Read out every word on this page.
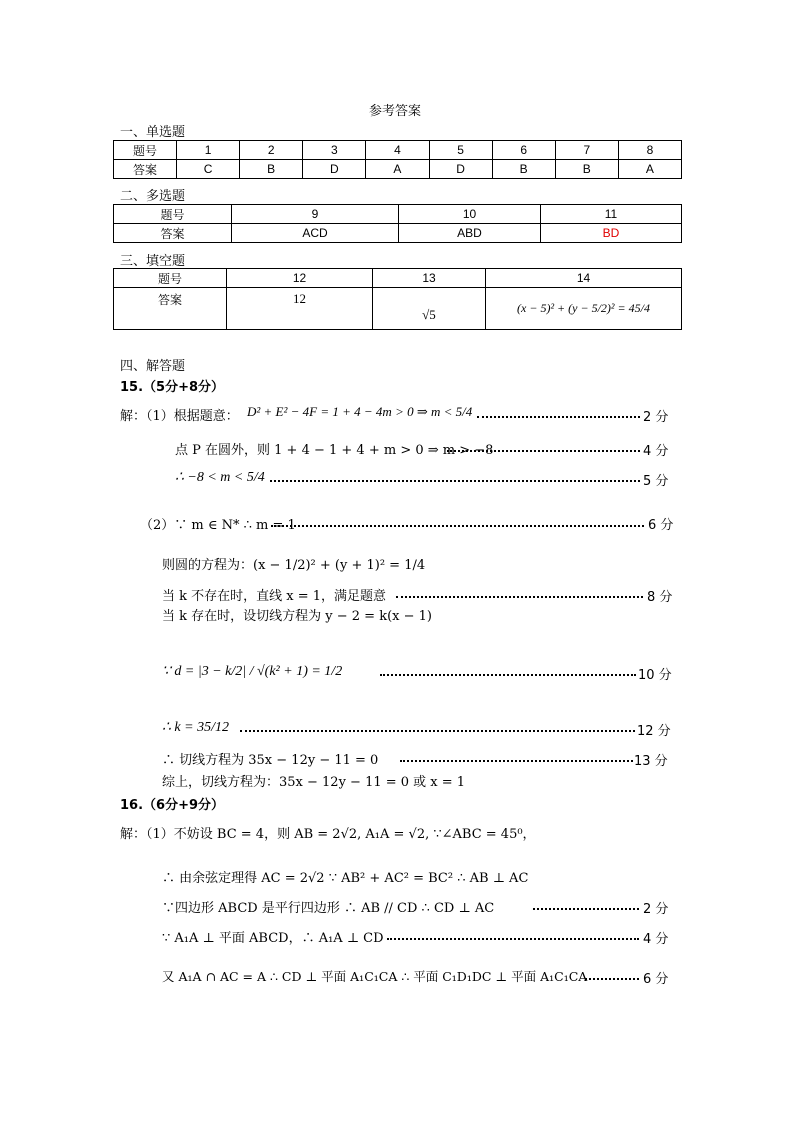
参考答案
一、单选题
题号	1	2	3	4	5	6	7	8
答案	C	B	D	A	D	B	B	A
二、多选题
题号	9	10	11
答案	ACD	ABD	BD
三、填空题
题号	12	13	14
答案	12	√5	(x − 5)² + (y − 5/2)² = 45/4
四、解答题
15.（5分+8分）
解：（1）根据题意： D² + E² − 4F = 1 + 4 − 4m > 0 ⇒ m < 5/4	2 分
点 P 在圆外，则 1 + 4 − 1 + 4 + m > 0 ⇒ m > −8	4 分
∴ −8 < m < 5/4	5 分
（2）∵ m ∈ N* ∴ m = 1	6 分
则圆的方程为：(x − 1/2)² + (y + 1)² = 1/4
当 k 不存在时，直线 x = 1，满足题意	8 分
当 k 存在时，设切线方程为 y − 2 = k(x − 1)
∵ d = |3 − k/2| / √(k² + 1) = 1/2	10 分
∴ k = 35/12	12 分
∴ 切线方程为 35x − 12y − 11 = 0	13 分
综上，切线方程为：35x − 12y − 11 = 0 或 x = 1
16.（6分+9分）
解：（1）不妨设 BC = 4，则 AB = 2√2, A₁A = √2, ∵∠ABC = 45⁰，
∴ 由余弦定理得 AC = 2√2 ∵ AB² + AC² = BC² ∴ AB ⊥ AC
∵四边形 ABCD 是平行四边形 ∴ AB // CD ∴ CD ⊥ AC	2 分
∵ A₁A ⊥ 平面 ABCD，∴ A₁A ⊥ CD	4 分
又 A₁A ∩ AC = A ∴ CD ⊥ 平面 A₁C₁CA ∴ 平面 C₁D₁DC ⊥ 平面 A₁C₁CA	6 分
